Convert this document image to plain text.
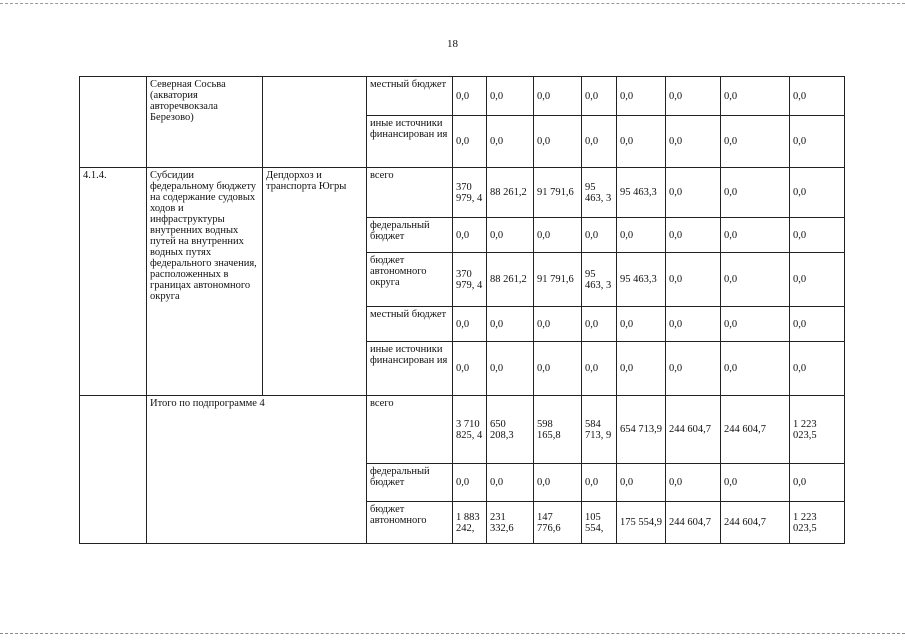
18
	Северная Сосьва (акватория авторечвокзала Березово)		местный бюджет	0,0	0,0	0,0	0,0	0,0	0,0	0,0	0,0
			иные источники финансирован ия	0,0	0,0	0,0	0,0	0,0	0,0	0,0	0,0
4.1.4.	Субсидии федеральному бюджету на содержание судовых ходов и инфраструктуры внутренних водных путей на внутренних водных путях федерального значения, расположенных в границах автономного округа	Депдорхоз и транспорта Югры	всего	370 979, 4	88 261,2	91 791,6	95 463, 3	95 463,3	0,0	0,0	0,0
			федеральный бюджет	0,0	0,0	0,0	0,0	0,0	0,0	0,0	0,0
			бюджет автономного округа	370 979, 4	88 261,2	91 791,6	95 463, 3	95 463,3	0,0	0,0	0,0
			местный бюджет	0,0	0,0	0,0	0,0	0,0	0,0	0,0	0,0
			иные источники финансирован ия	0,0	0,0	0,0	0,0	0,0	0,0	0,0	0,0
	Итого по подпрограмме 4		всего	3 710 825, 4	650 208,3	598 165,8	584 713, 9	654 713,9	244 604,7	244 604,7	1 223 023,5
			федеральный бюджет	0,0	0,0	0,0	0,0	0,0	0,0	0,0	0,0
			бюджет автономного	1 883 242,	231 332,6	147 776,6	105 554,	175 554,9	244 604,7	244 604,7	1 223 023,5
